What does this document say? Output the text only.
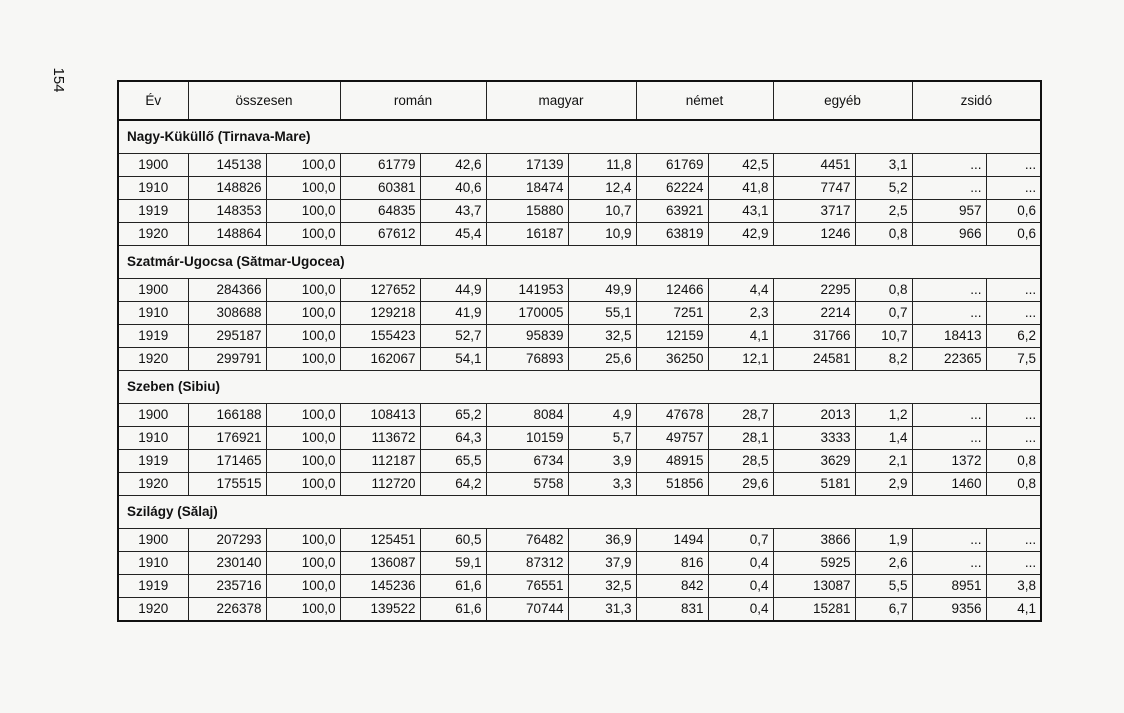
154
Év	összesen		román		magyar		német		egyéb		zsidó	
Nagy-Küküllő (Tirnava-Mare)												
1900	145138	100,0	61779	42,6	17139	11,8	61769	42,5	4451	3,1	...	...
1910	148826	100,0	60381	40,6	18474	12,4	62224	41,8	7747	5,2	...	...
1919	148353	100,0	64835	43,7	15880	10,7	63921	43,1	3717	2,5	957	0,6
1920	148864	100,0	67612	45,4	16187	10,9	63819	42,9	1246	0,8	966	0,6
Szatmár-Ugocsa (Sătmar-Ugocea)												
1900	284366	100,0	127652	44,9	141953	49,9	12466	4,4	2295	0,8	...	...
1910	308688	100,0	129218	41,9	170005	55,1	7251	2,3	2214	0,7	...	...
1919	295187	100,0	155423	52,7	95839	32,5	12159	4,1	31766	10,7	18413	6,2
1920	299791	100,0	162067	54,1	76893	25,6	36250	12,1	24581	8,2	22365	7,5
Szeben (Sibiu)												
1900	166188	100,0	108413	65,2	8084	4,9	47678	28,7	2013	1,2	...	...
1910	176921	100,0	113672	64,3	10159	5,7	49757	28,1	3333	1,4	...	...
1919	171465	100,0	112187	65,5	6734	3,9	48915	28,5	3629	2,1	1372	0,8
1920	175515	100,0	112720	64,2	5758	3,3	51856	29,6	5181	2,9	1460	0,8
Szilágy (Sălaj)												
1900	207293	100,0	125451	60,5	76482	36,9	1494	0,7	3866	1,9	...	...
1910	230140	100,0	136087	59,1	87312	37,9	816	0,4	5925	2,6	...	...
1919	235716	100,0	145236	61,6	76551	32,5	842	0,4	13087	5,5	8951	3,8
1920	226378	100,0	139522	61,6	70744	31,3	831	0,4	15281	6,7	9356	4,1
